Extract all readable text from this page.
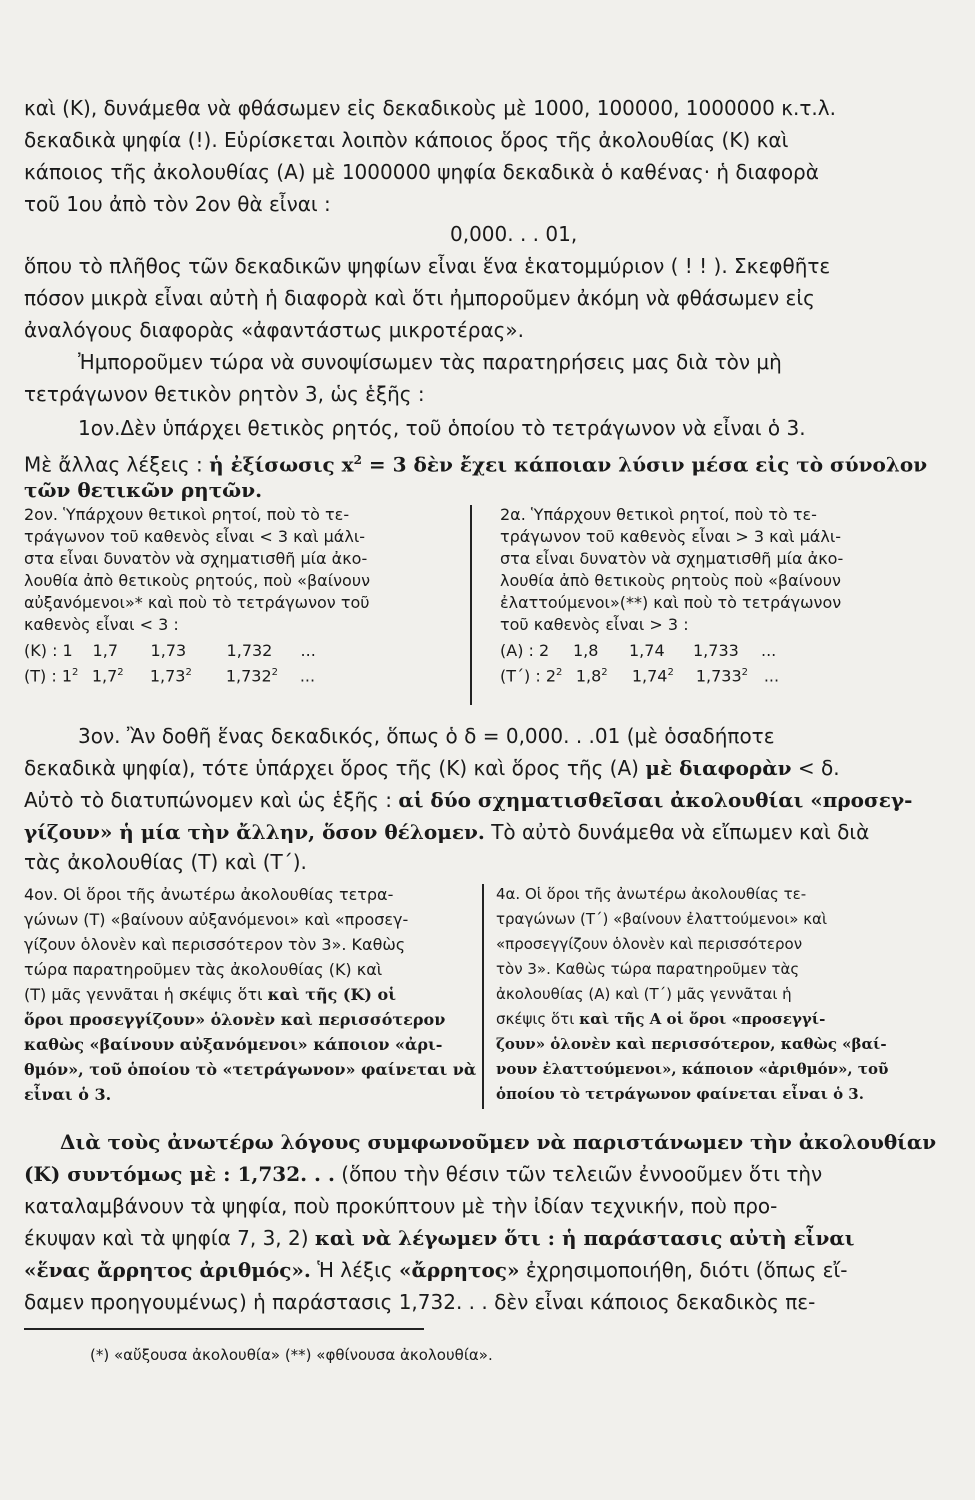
καὶ (Κ), δυνάμεθα νὰ φθάσωμεν εἰς δεκαδικοὺς μὲ 1000, 100000, 1000000 κ.τ.λ.
δεκαδικὰ ψηφία (!). Εὑρίσκεται λοιπὸν κάποιος ὅρος τῆς ἀκολουθίας (Κ) καὶ
κάποιος τῆς ἀκολουθίας (Α) μὲ 1000000 ψηφία δεκαδικὰ ὁ καθένας· ἡ διαφορὰ
τοῦ 1ου ἀπὸ τὸν 2ον θὰ εἶναι :
0,000. . . 01,
ὅπου τὸ πλῆθος τῶν δεκαδικῶν ψηφίων εἶναι ἕνα ἑκατομμύριον ( ! ! ). Σκεφθῆτε
πόσον μικρὰ εἶναι αὐτὴ ἡ διαφορὰ καὶ ὅτι ἠμποροῦμεν ἀκόμη νὰ φθάσωμεν εἰς
ἀναλόγους διαφορὰς «ἀφαντάστως μικροτέρας».
Ἠμποροῦμεν τώρα νὰ συνοψίσωμεν τὰς παρατηρήσεις μας διὰ τὸν μὴ
τετράγωνον θετικὸν ρητὸν 3, ὡς ἑξῆς :
1ον.Δὲν ὑπάρχει θετικὸς ρητός, τοῦ ὁποίου τὸ τετράγωνον νὰ εἶναι ὁ 3.
Μὲ ἄλλας λέξεις : ἡ ἐξίσωσις $x^2 = 3$ δὲν ἔχει κάποιαν λύσιν μέσα εἰς τὸ σύνολον
τῶν θετικῶν ρητῶν.
2ον. Ὑπάρχουν θετικοὶ ρητοί, ποὺ τὸ τε-
τράγωνον τοῦ καθενὸς εἶναι < 3 καὶ μάλι-
στα εἶναι δυνατὸν νὰ σχηματισθῆ μία ἀκο-
λουθία ἀπὸ θετικοὺς ρητούς, ποὺ «βαίνουν
αὐξανόμενοι»* καὶ ποὺ τὸ τετράγωνον τοῦ
καθενὸς εἶναι < 3 :
(Κ) : 1 1,7 1,73	1,732 ...
(Τ) : $1^2$ $1,7^2$ 1,73$^2$ 1,732$^2$ ...
2α. Ὑπάρχουν θετικοὶ ρητοί, ποὺ τὸ τε-
τράγωνον τοῦ καθενὸς εἶναι > 3 καὶ μάλι-
στα εἶναι δυνατὸν νὰ σχηματισθῆ μία ἀκο-
λουθία ἀπὸ θετικοὺς ρητοὺς ποὺ «βαίνουν
ἐλαττούμενοι»(**) καὶ ποὺ τὸ τετράγωνον
τοῦ καθενὸς εἶναι > 3 :
(Α) : 2 1,8 1,74 1,733 ...
(Τ΄) : $2^2$ $1,8^2$ 1,74$^2$ 1,733$^2$ ...
3ον. Ἂν δοθῆ ἕνας δεκαδικός, ὅπως ὁ δ = 0,000. . .01 (μὲ ὁσαδήποτε
δεκαδικὰ ψηφία), τότε ὑπάρχει ὅρος τῆς (Κ) καὶ ὅρος τῆς (Α) μὲ διαφορὰν < δ.
Αὐτὸ τὸ διατυπώνομεν καὶ ὡς ἑξῆς : αἱ δύο σχηματισθεῖσαι ἀκολουθίαι «προσεγ-
γίζουν» ἡ μία τὴν ἄλλην, ὅσον θέλομεν. Τὸ αὐτὸ δυνάμεθα νὰ εἴπωμεν καὶ διὰ
τὰς ἀκολουθίας (Τ) καὶ (Τ΄).
4ον. Οἱ ὅροι τῆς ἀνωτέρω ἀκολουθίας τετρα-
γώνων (Τ) «βαίνουν αὐξανόμενοι» καὶ «προσεγ-
γίζουν ὁλονὲν καὶ περισσότερον τὸν 3». Καθὼς
τώρα παρατηροῦμεν τὰς ἀκολουθίας (Κ) καὶ
(Τ) μᾶς γεννᾶται ἡ σκέψις ὅτι καὶ τῆς (Κ) οἱ
ὅροι προσεγγίζουν» ὁλονὲν καὶ περισσότερον
καθὼς «βαίνουν αὐξανόμενοι» κάποιον «ἀρι-
θμόν», τοῦ ὁποίου τὸ «τετράγωνον» φαίνεται νὰ
εἶναι ὁ 3.
4α. Οἱ ὅροι τῆς ἀνωτέρω ἀκολουθίας τε-
τραγώνων (Τ΄) «βαίνουν ἐλαττούμενοι» καὶ
«προσεγγίζουν ὁλονὲν καὶ περισσότερον
τὸν 3». Καθὼς τώρα παρατηροῦμεν τὰς
ἀκολουθίας (Α) καὶ (Τ΄) μᾶς γεννᾶται ἡ
σκέψις ὅτι καὶ τῆς Α οἱ ὅροι «προσεγγί-
ζουν» ὁλονὲν καὶ περισσότερον, καθὼς «βαί-
νουν ἐλαττούμενοι», κάποιον «ἀριθμόν», τοῦ
ὁποίου τὸ τετράγωνον φαίνεται εἶναι ὁ 3.
Διὰ τοὺς ἀνωτέρω λόγους συμφωνοῦμεν νὰ παριστάνωμεν τὴν ἀκολουθίαν
(Κ) συντόμως μὲ : 1,732. . . (ὅπου τὴν θέσιν τῶν τελειῶν ἐννοοῦμεν ὅτι τὴν
καταλαμβάνουν τὰ ψηφία, ποὺ προκύπτουν μὲ τὴν ἰδίαν τεχνικήν, ποὺ προ-
έκυψαν καὶ τὰ ψηφία 7, 3, 2) καὶ νὰ λέγωμεν ὅτι : ἡ παράστασις αὐτὴ εἶναι
«ἕνας ἄρρητος ἀριθμός». Ἡ λέξις «ἄρρητος» ἐχρησιμοποιήθη, διότι (ὅπως εἴ-
δαμεν προηγουμένως) ἡ παράστασις 1,732. . . δὲν εἶναι κάποιος δεκαδικὸς πε-
(*) «αὔξουσα ἀκολουθία» (**) «φθίνουσα ἀκολουθία».
